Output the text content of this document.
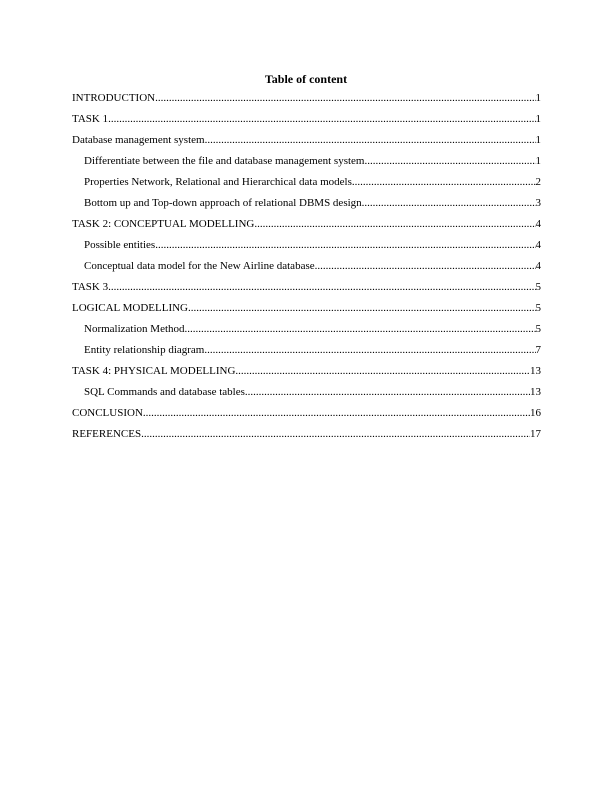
Table of content
INTRODUCTION .....	1
TASK 1 .....	1
Database management system .....	1
Differentiate between the file and database management system .....	1
Properties Network, Relational and Hierarchical data models .....	2
Bottom up and Top-down approach of relational DBMS design .....	3
TASK 2: CONCEPTUAL MODELLING .....	4
Possible entities .....	4
Conceptual data model for the New Airline database .....	4
TASK 3 .....	5
LOGICAL MODELLING .....	5
Normalization Method .....	5
Entity relationship diagram .....	7
TASK 4: PHYSICAL MODELLING .....	13
SQL Commands and database tables .....	13
CONCLUSION .....	16
REFERENCES .....	17
